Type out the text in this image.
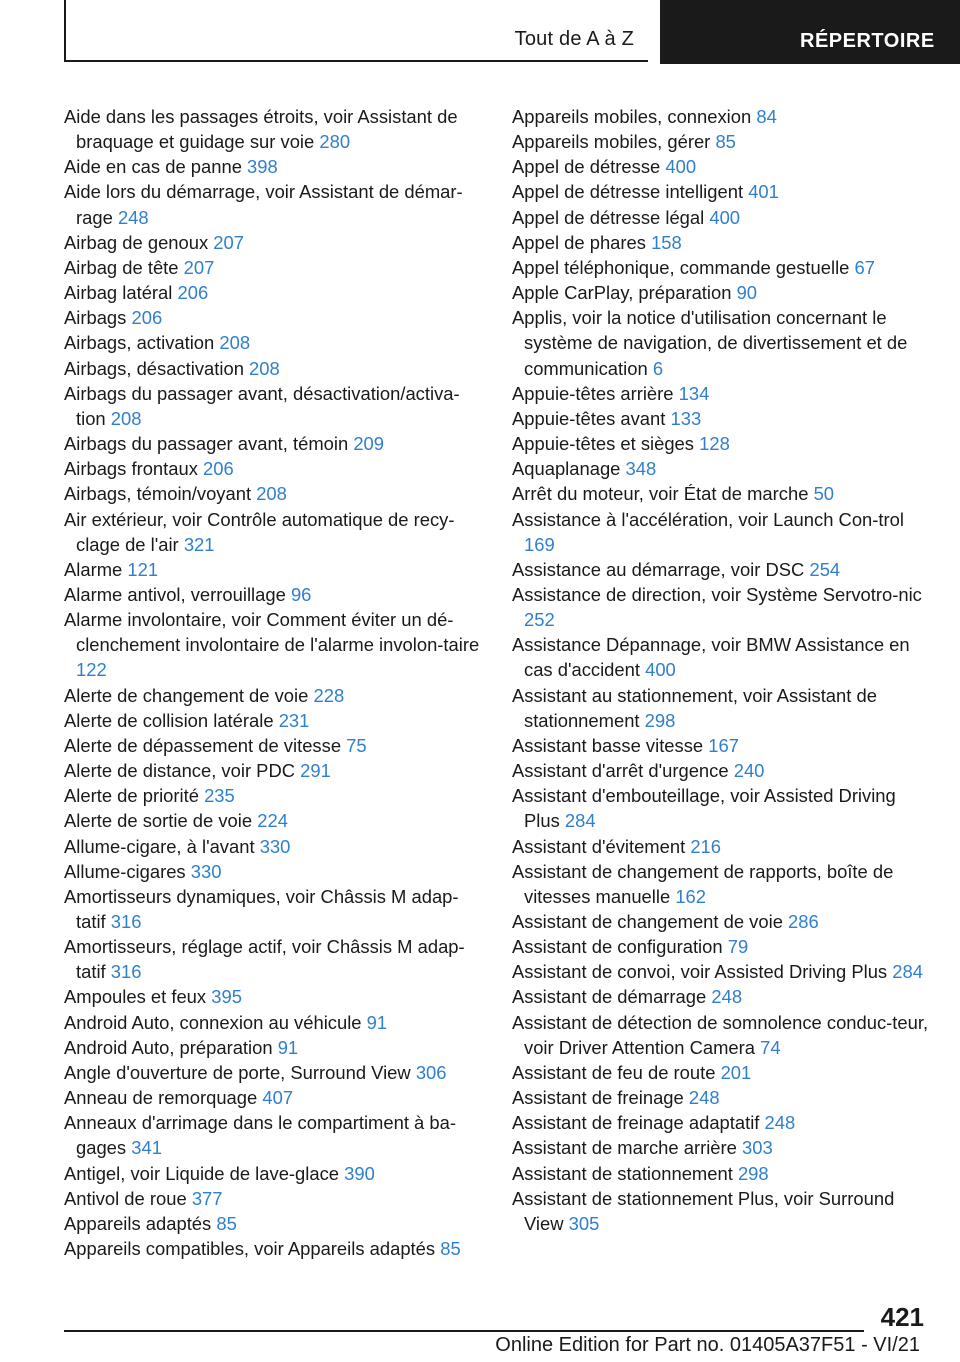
Tout de A à Z	RÉPERTOIRE
Aide dans les passages étroits, voir Assistant de braquage et guidage sur voie 280
Aide en cas de panne 398
Aide lors du démarrage, voir Assistant de démar-rage 248
Airbag de genoux 207
Airbag de tête 207
Airbag latéral 206
Airbags 206
Airbags, activation 208
Airbags, désactivation 208
Airbags du passager avant, désactivation/activa-tion 208
Airbags du passager avant, témoin 209
Airbags frontaux 206
Airbags, témoin/voyant 208
Air extérieur, voir Contrôle automatique de recy-clage de l'air 321
Alarme 121
Alarme antivol, verrouillage 96
Alarme involontaire, voir Comment éviter un dé-clenchement involontaire de l'alarme involon-taire 122
Alerte de changement de voie 228
Alerte de collision latérale 231
Alerte de dépassement de vitesse 75
Alerte de distance, voir PDC 291
Alerte de priorité 235
Alerte de sortie de voie 224
Allume-cigare, à l'avant 330
Allume-cigares 330
Amortisseurs dynamiques, voir Châssis M adap-tatif 316
Amortisseurs, réglage actif, voir Châssis M adap-tatif 316
Ampoules et feux 395
Android Auto, connexion au véhicule 91
Android Auto, préparation 91
Angle d'ouverture de porte, Surround View 306
Anneau de remorquage 407
Anneaux d'arrimage dans le compartiment à ba-gages 341
Antigel, voir Liquide de lave-glace 390
Antivol de roue 377
Appareils adaptés 85
Appareils compatibles, voir Appareils adaptés 85
Appareils mobiles, connexion 84
Appareils mobiles, gérer 85
Appel de détresse 400
Appel de détresse intelligent 401
Appel de détresse légal 400
Appel de phares 158
Appel téléphonique, commande gestuelle 67
Apple CarPlay, préparation 90
Applis, voir la notice d'utilisation concernant le système de navigation, de divertissement et de communication 6
Appuie-têtes arrière 134
Appuie-têtes avant 133
Appuie-têtes et sièges 128
Aquaplanage 348
Arrêt du moteur, voir État de marche 50
Assistance à l'accélération, voir Launch Con-trol 169
Assistance au démarrage, voir DSC 254
Assistance de direction, voir Système Servotro-nic 252
Assistance Dépannage, voir BMW Assistance en cas d'accident 400
Assistant au stationnement, voir Assistant de stationnement 298
Assistant basse vitesse 167
Assistant d'arrêt d'urgence 240
Assistant d'embouteillage, voir Assisted Driving Plus 284
Assistant d'évitement 216
Assistant de changement de rapports, boîte de vitesses manuelle 162
Assistant de changement de voie 286
Assistant de configuration 79
Assistant de convoi, voir Assisted Driving Plus 284
Assistant de démarrage 248
Assistant de détection de somnolence conduc-teur, voir Driver Attention Camera 74
Assistant de feu de route 201
Assistant de freinage 248
Assistant de freinage adaptatif 248
Assistant de marche arrière 303
Assistant de stationnement 298
Assistant de stationnement Plus, voir Surround View 305
421
Online Edition for Part no. 01405A37F51 - VI/21
